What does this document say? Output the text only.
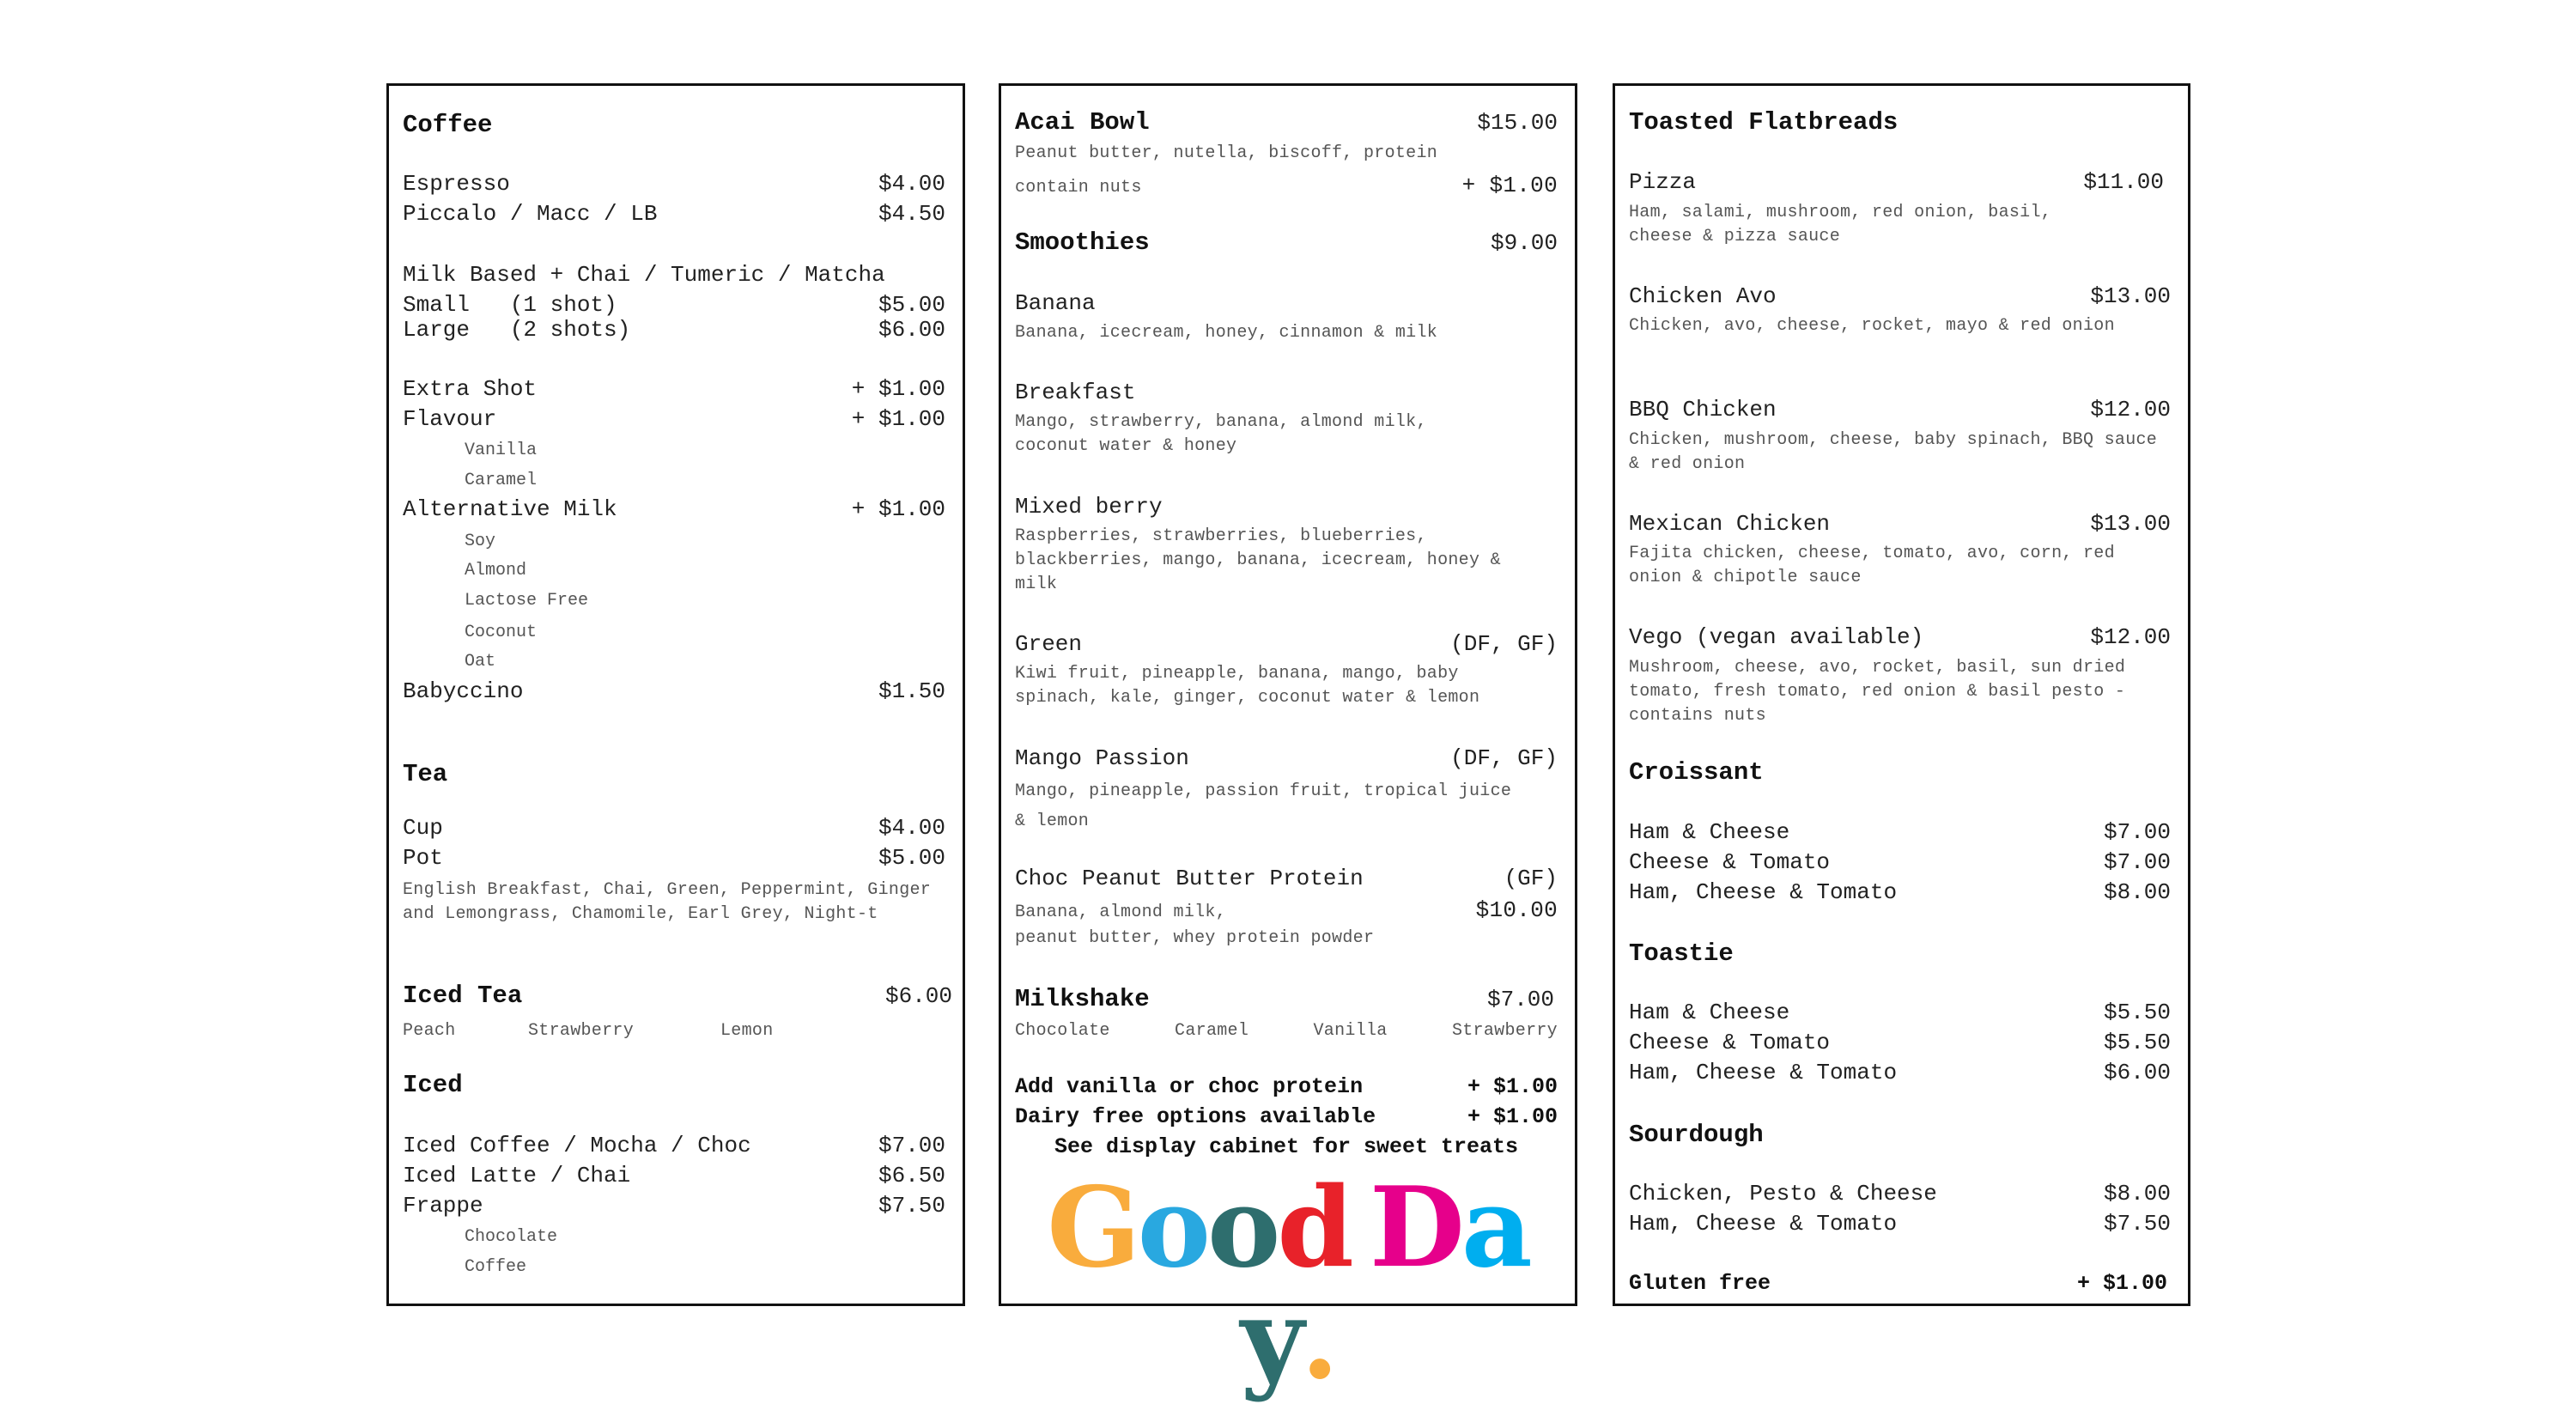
Coffee
Espresso	$4.00
Piccalo / Macc / LB	$4.50
Milk Based + Chai / Tumeric / Matcha
Small   (1 shot)	$5.00
Large   (2 shots)	$6.00
Extra Shot	+ $1.00
Flavour	+ $1.00
Vanilla
Caramel
Alternative Milk	+ $1.00
Soy
Almond
Lactose Free
Coconut
Oat
Babyccino	$1.50
Tea
Cup	$4.00
Pot	$5.00
English Breakfast, Chai, Green, Peppermint, Ginger and Lemongrass, Chamomile, Earl Grey, Night-t
Iced Tea	$6.00
Peach	Strawberry	Lemon
Iced
Iced Coffee / Mocha / Choc	$7.00
Iced Latte / Chai	$6.50
Frappe	$7.50
Chocolate
Coffee
Acai Bowl	$15.00
Peanut butter, nutella, biscoff, protein
contain nuts	+ $1.00
Smoothies	$9.00
Banana
Banana, icecream, honey, cinnamon & milk
Breakfast
Mango, strawberry, banana, almond milk, coconut water & honey
Mixed berry
Raspberries, strawberries, blueberries, blackberries, mango, banana, icecream, honey & milk
Green	(DF, GF)
Kiwi fruit, pineapple, banana, mango, baby spinach, kale, ginger, coconut water & lemon
Mango Passion	(DF, GF)
Mango, pineapple, passion fruit, tropical juice & lemon
Choc Peanut Butter Protein	(GF)
Banana, almond milk,	$10.00
peanut butter, whey protein powder
Milkshake	$7.00
Chocolate	Caramel	Vanilla	Strawberry
Add vanilla or choc protein	+ $1.00
Dairy free options available	+ $1.00
See display cabinet for sweet treats
Good Day.
Toasted Flatbreads
Pizza	$11.00
Ham, salami, mushroom, red onion, basil, cheese & pizza sauce
Chicken Avo	$13.00
Chicken, avo, cheese, rocket, mayo & red onion
BBQ Chicken	$12.00
Chicken, mushroom, cheese, baby spinach, BBQ sauce & red onion
Mexican Chicken	$13.00
Fajita chicken, cheese, tomato, avo, corn, red onion & chipotle sauce
Vego (vegan available)	$12.00
Mushroom, cheese, avo, rocket, basil, sun dried tomato, fresh tomato, red onion & basil pesto - contains nuts
Croissant
Ham & Cheese	$7.00
Cheese & Tomato	$7.00
Ham, Cheese & Tomato	$8.00
Toastie
Ham & Cheese	$5.50
Cheese & Tomato	$5.50
Ham, Cheese & Tomato	$6.00
Sourdough
Chicken, Pesto & Cheese	$8.00
Ham, Cheese & Tomato	$7.50
Gluten free	+ $1.00
